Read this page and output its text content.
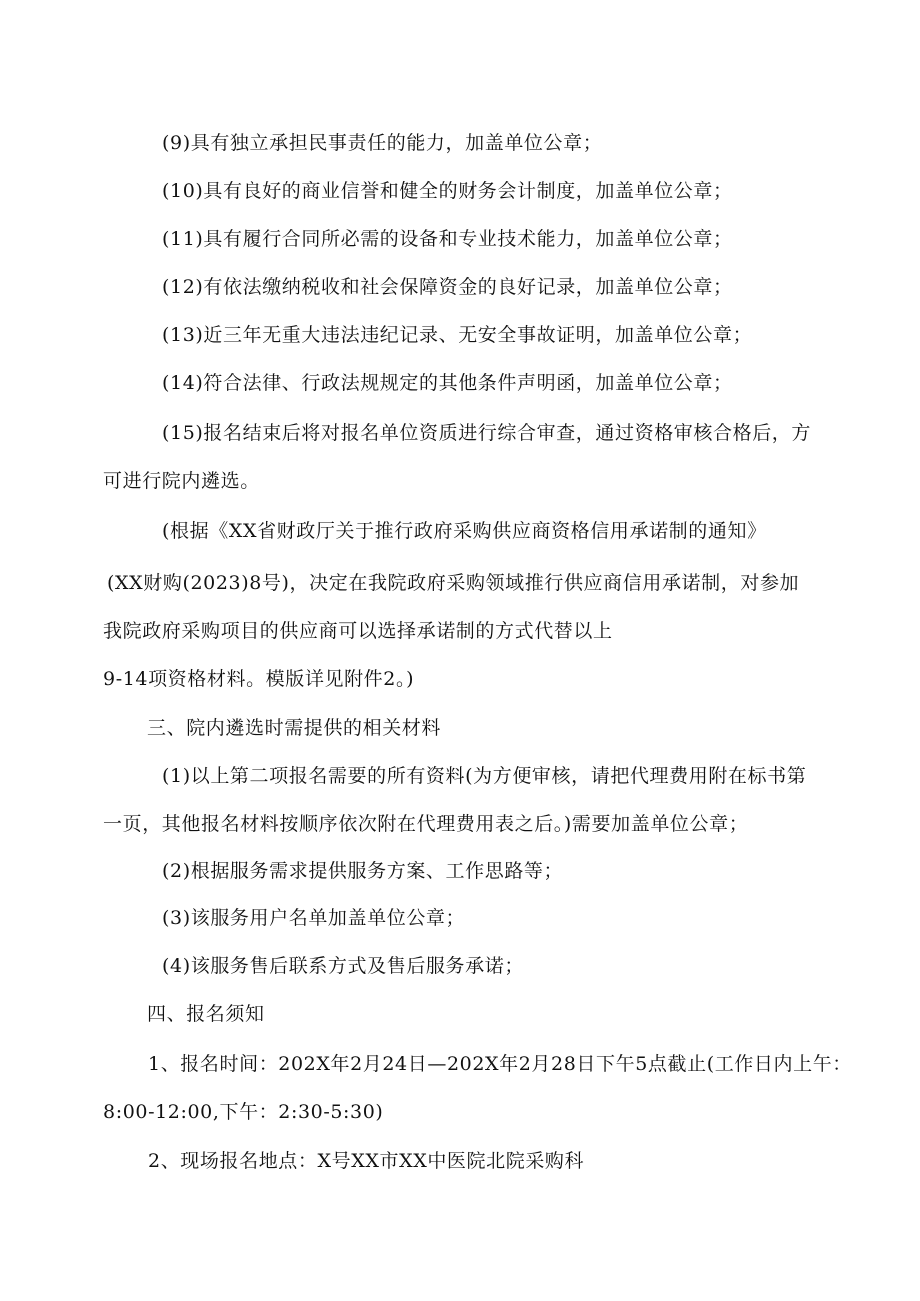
(9)具有独立承担民事责任的能力，加盖单位公章；
(10)具有良好的商业信誉和健全的财务会计制度，加盖单位公章；
(11)具有履行合同所必需的设备和专业技术能力，加盖单位公章；
(12)有依法缴纳税收和社会保障资金的良好记录，加盖单位公章；
(13)近三年无重大违法违纪记录、无安全事故证明，加盖单位公章；
(14)符合法律、行政法规规定的其他条件声明函，加盖单位公章；
(15)报名结束后将对报名单位资质进行综合审查，通过资格审核合格后，方
可进行院内遴选。
(根据《XX省财政厅关于推行政府采购供应商资格信用承诺制的通知》
(XX财购(2023)8号)，决定在我院政府采购领域推行供应商信用承诺制，对参加
我院政府采购项目的供应商可以选择承诺制的方式代替以上
9-14项资格材料。模版详见附件2。)
三、院内遴选时需提供的相关材料
(1)以上第二项报名需要的所有资料(为方便审核，请把代理费用附在标书第
一页，其他报名材料按顺序依次附在代理费用表之后。)需要加盖单位公章；
(2)根据服务需求提供服务方案、工作思路等；
(3)该服务用户名单加盖单位公章；
(4)该服务售后联系方式及售后服务承诺；
四、报名须知
1、报名时间：202X年2月24日—202X年2月28日下午5点截止(工作日内上午：
8:00-12:00,下午：2:30-5:30)
2、现场报名地点：X号XX市XX中医院北院采购科
